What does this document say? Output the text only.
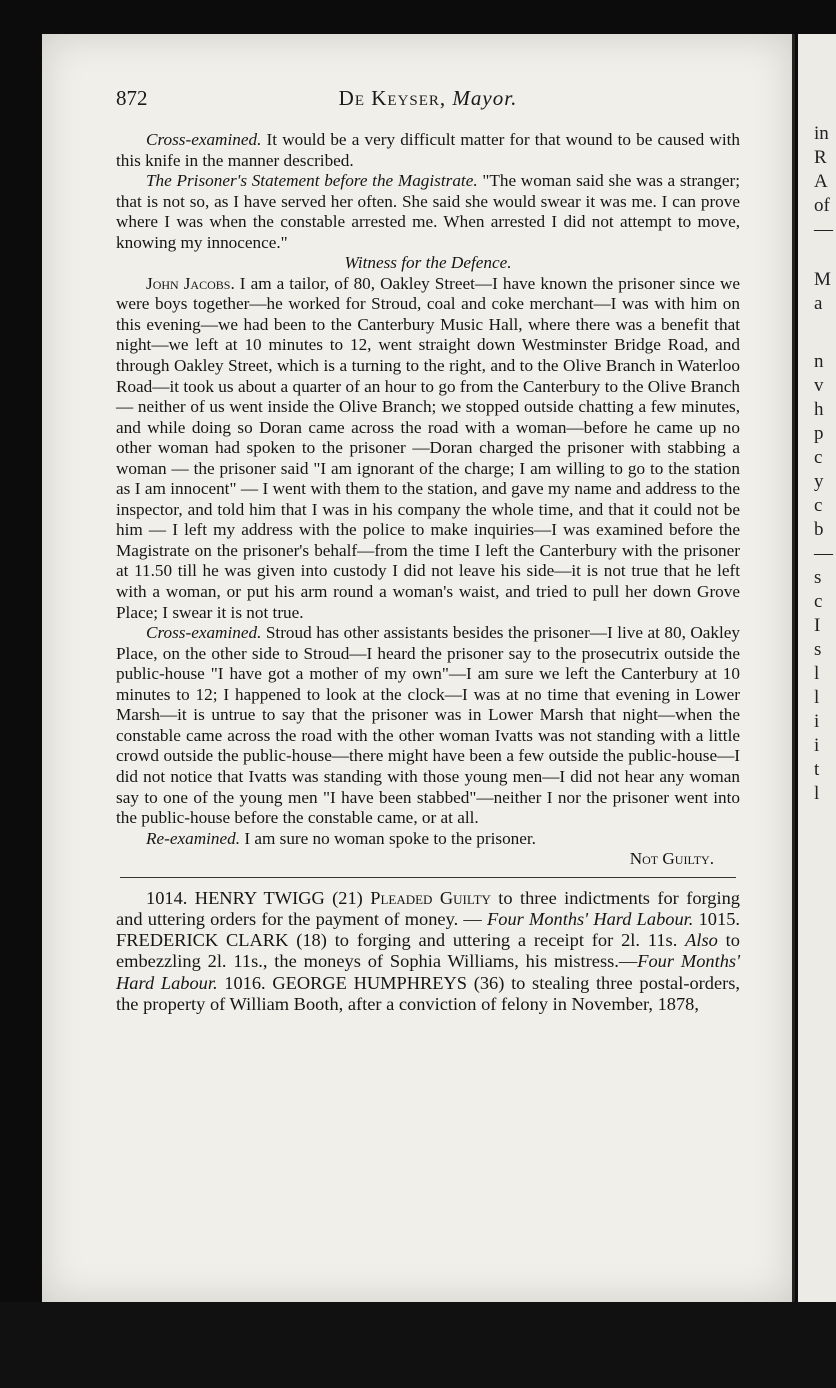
in
R
A
of
—
M
a
n
v
h
p
c
y
c
b
—
s
c
I
s
l
l
i
i
t
l
872	De Keyser, Mayor.

Cross-examined. It would be a very difficult matter for that wound to be caused with this knife in the manner described.

The Prisoner's Statement before the Magistrate. "The woman said she was a stranger; that is not so, as I have served her often. She said she would swear it was me. I can prove where I was when the constable arrested me. When arrested I did not attempt to move, knowing my innocence."

Witness for the Defence.

John Jacobs. I am a tailor, of 80, Oakley Street—I have known the prisoner since we were boys together—he worked for Stroud, coal and coke merchant—I was with him on this evening—we had been to the Canterbury Music Hall, where there was a benefit that night—we left at 10 minutes to 12, went straight down Westminster Bridge Road, and through Oakley Street, which is a turning to the right, and to the Olive Branch in Waterloo Road—it took us about a quarter of an hour to go from the Canterbury to the Olive Branch — neither of us went inside the Olive Branch; we stopped outside chatting a few minutes, and while doing so Doran came across the road with a woman—before he came up no other woman had spoken to the prisoner —Doran charged the prisoner with stabbing a woman — the prisoner said "I am ignorant of the charge; I am willing to go to the station as I am innocent" — I went with them to the station, and gave my name and address to the inspector, and told him that I was in his company the whole time, and that it could not be him — I left my address with the police to make inquiries—I was examined before the Magistrate on the prisoner's behalf—from the time I left the Canterbury with the prisoner at 11.50 till he was given into custody I did not leave his side—it is not true that he left with a woman, or put his arm round a woman's waist, and tried to pull her down Grove Place; I swear it is not true.

Cross-examined. Stroud has other assistants besides the prisoner—I live at 80, Oakley Place, on the other side to Stroud—I heard the prisoner say to the prosecutrix outside the public-house "I have got a mother of my own"—I am sure we left the Canterbury at 10 minutes to 12; I happened to look at the clock—I was at no time that evening in Lower Marsh—it is untrue to say that the prisoner was in Lower Marsh that night—when the constable came across the road with the other woman Ivatts was not standing with a little crowd outside the public-house—there might have been a few outside the public-house—I did not notice that Ivatts was standing with those young men—I did not hear any woman say to one of the young men "I have been stabbed"—neither I nor the prisoner went into the public-house before the constable came, or at all.

Re-examined. I am sure no woman spoke to the prisoner.

Not Guilty.

1014. HENRY TWIGG (21) Pleaded Guilty to three indictments for forging and uttering orders for the payment of money. — Four Months' Hard Labour. 1015. FREDERICK CLARK (18) to forging and uttering a receipt for 2l. 11s. Also to embezzling 2l. 11s., the moneys of Sophia Williams, his mistress.—Four Months' Hard Labour. 1016. GEORGE HUMPHREYS (36) to stealing three postal-orders, the property of William Booth, after a conviction of felony in November, 1878,
